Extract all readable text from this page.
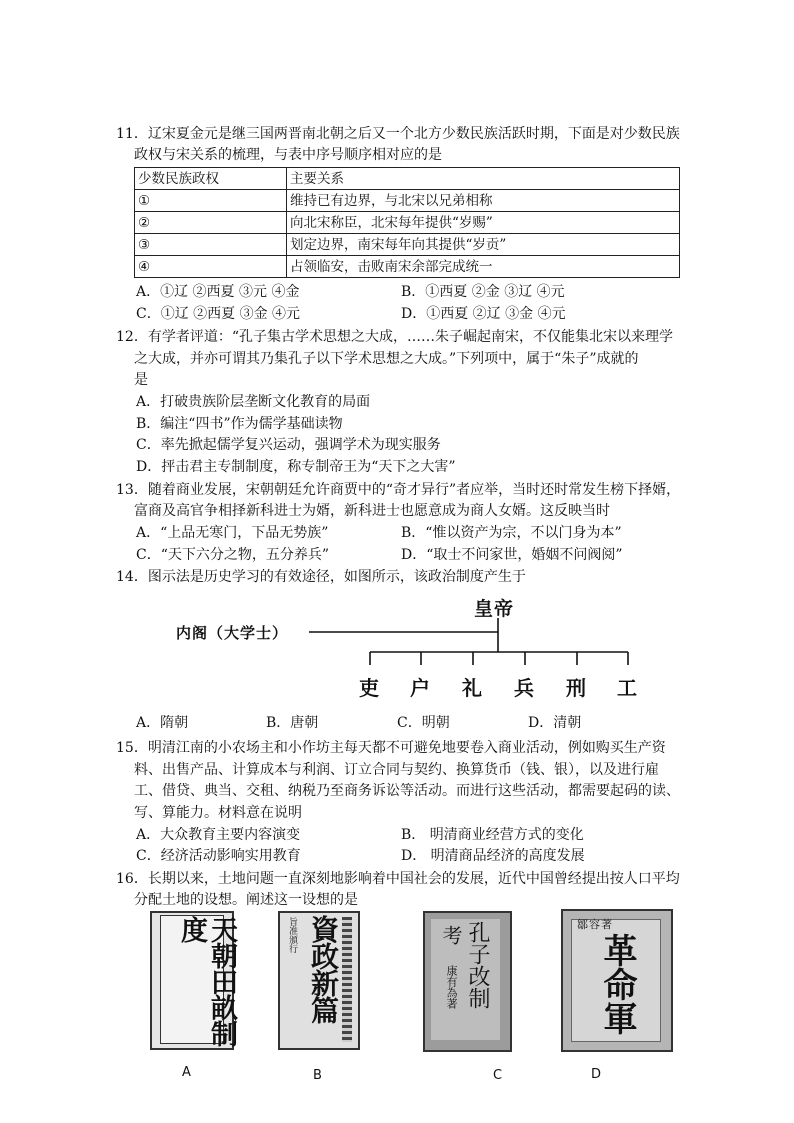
11．辽宋夏金元是继三国两晋南北朝之后又一个北方少数民族活跃时期，下面是对少数民族
政权与宋关系的梳理，与表中序号顺序相对应的是
少数民族政权	主要关系
①	维持已有边界，与北宋以兄弟相称
②	向北宋称臣，北宋每年提供“岁赐”
③	划定边界，南宋每年向其提供“岁贡”
④	占领临安，击败南宋余部完成统一
A．①辽 ②西夏 ③元 ④金	B．①西夏 ②金 ③辽 ④元
C．①辽 ②西夏 ③金 ④元	D．①西夏 ②辽 ③金 ④元
12．有学者评道：“孔子集古学术思想之大成，……朱子崛起南宋，不仅能集北宋以来理学
之大成，并亦可谓其乃集孔子以下学术思想之大成。”下列项中，属于“朱子”成就的
是
A．打破贵族阶层垄断文化教育的局面
B．编注“四书”作为儒学基础读物
C．率先掀起儒学复兴运动，强调学术为现实服务
D．抨击君主专制制度，称专制帝王为“天下之大害”
13．随着商业发展，宋朝朝廷允许商贾中的“奇才异行”者应举，当时还时常发生榜下择婿，
富商及高官争相择新科进士为婿，新科进士也愿意成为商人女婿。这反映当时
A．“上品无寒门，下品无势族”	B．“惟以资产为宗，不以门身为本”
C．“天下六分之物，五分养兵”	D．“取士不问家世，婚姻不问阀阅”
14．图示法是历史学习的有效途径，如图所示，该政治制度产生于
皇帝
内阁（大学士）
吏 户 礼 兵 刑 工
A．隋朝	B．唐朝	C．明朝	D．清朝
15．明清江南的小农场主和小作坊主每天都不可避免地要卷入商业活动，例如购买生产资
料、出售产品、计算成本与利润、订立合同与契约、换算货币（钱、银），以及进行雇
工、借贷、典当、交租、纳税乃至商务诉讼等活动。而进行这些活动，都需要起码的读、
写、算能力。材料意在说明
A．大众教育主要内容演变	B． 明清商业经营方式的变化
C．经济活动影响实用教育	D． 明清商品经济的高度发展
16．长期以来，土地问题一直深刻地影响着中国社会的发展，近代中国曾经提出按人口平均
分配土地的设想。阐述这一设想的是
天朝田畝制度
A
資政新篇
旨准頒行
B
孔子改制
考
康有為著
C
鄒容著
革命軍
D
